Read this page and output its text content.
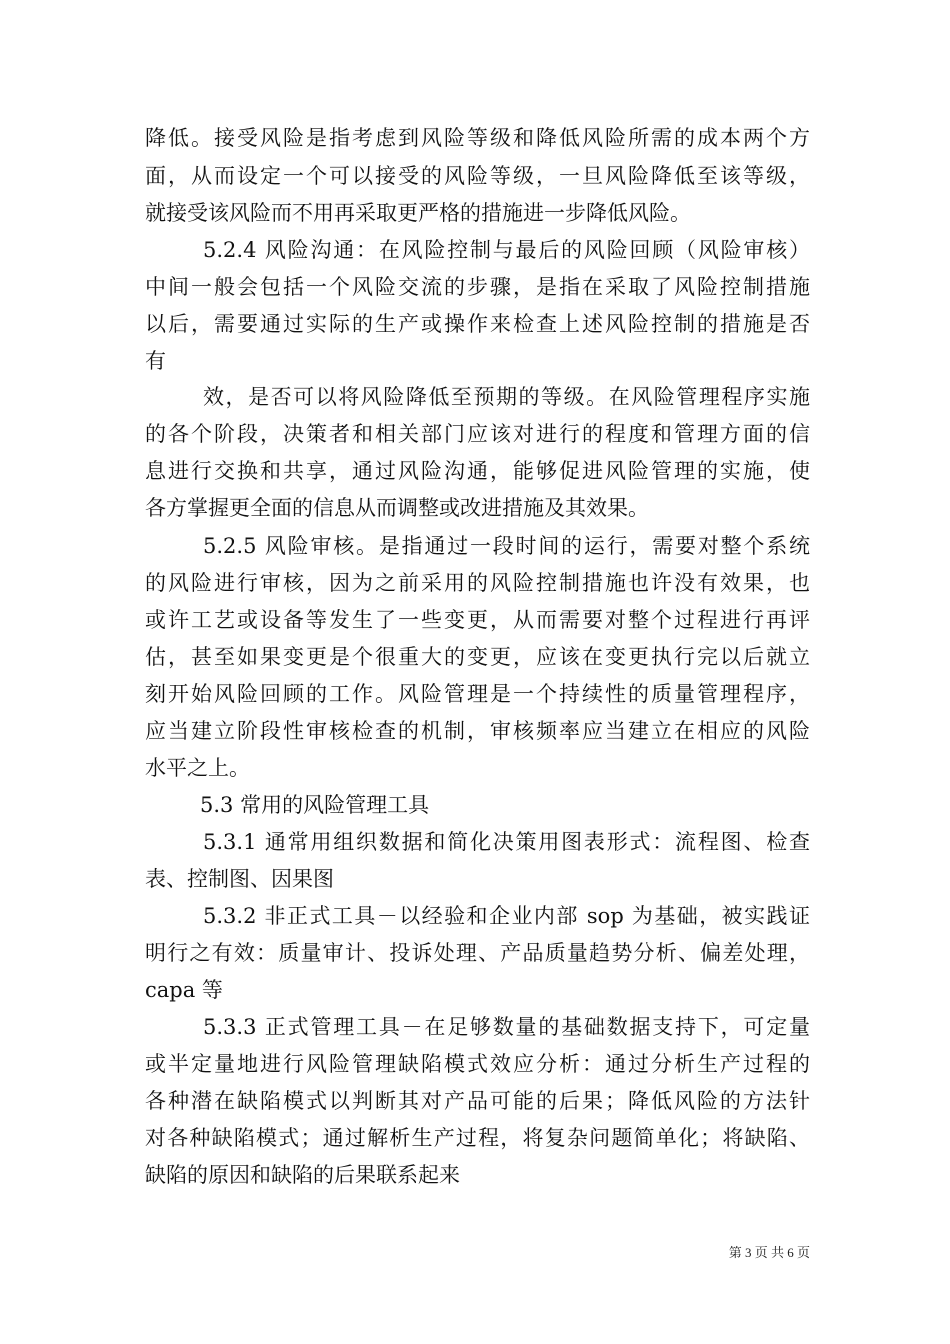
降低。接受风险是指考虑到风险等级和降低风险所需的成本两个方
面，从而设定一个可以接受的风险等级，一旦风险降低至该等级，
就接受该风险而不用再采取更严格的措施进一步降低风险。
5.2.4 风险沟通：在风险控制与最后的风险回顾（风险审核）
中间一般会包括一个风险交流的步骤，是指在采取了风险控制措施
以后，需要通过实际的生产或操作来检查上述风险控制的措施是否
有
效，是否可以将风险降低至预期的等级。在风险管理程序实施
的各个阶段，决策者和相关部门应该对进行的程度和管理方面的信
息进行交换和共享，通过风险沟通，能够促进风险管理的实施，使
各方掌握更全面的信息从而调整或改进措施及其效果。
5.2.5 风险审核。是指通过一段时间的运行，需要对整个系统
的风险进行审核，因为之前采用的风险控制措施也许没有效果，也
或许工艺或设备等发生了一些变更，从而需要对整个过程进行再评
估，甚至如果变更是个很重大的变更，应该在变更执行完以后就立
刻开始风险回顾的工作。风险管理是一个持续性的质量管理程序，
应当建立阶段性审核检查的机制，审核频率应当建立在相应的风险
水平之上。
5.3 常用的风险管理工具
5.3.1 通常用组织数据和简化决策用图表形式：流程图、检查
表、控制图、因果图
5.3.2 非正式工具－以经验和企业内部 sop 为基础，被实践证
明行之有效：质量审计、投诉处理、产品质量趋势分析、偏差处理，
capa 等
5.3.3 正式管理工具－在足够数量的基础数据支持下，可定量
或半定量地进行风险管理缺陷模式效应分析：通过分析生产过程的
各种潜在缺陷模式以判断其对产品可能的后果；降低风险的方法针
对各种缺陷模式；通过解析生产过程，将复杂问题简单化；将缺陷、
缺陷的原因和缺陷的后果联系起来
第 3 页 共 6 页
